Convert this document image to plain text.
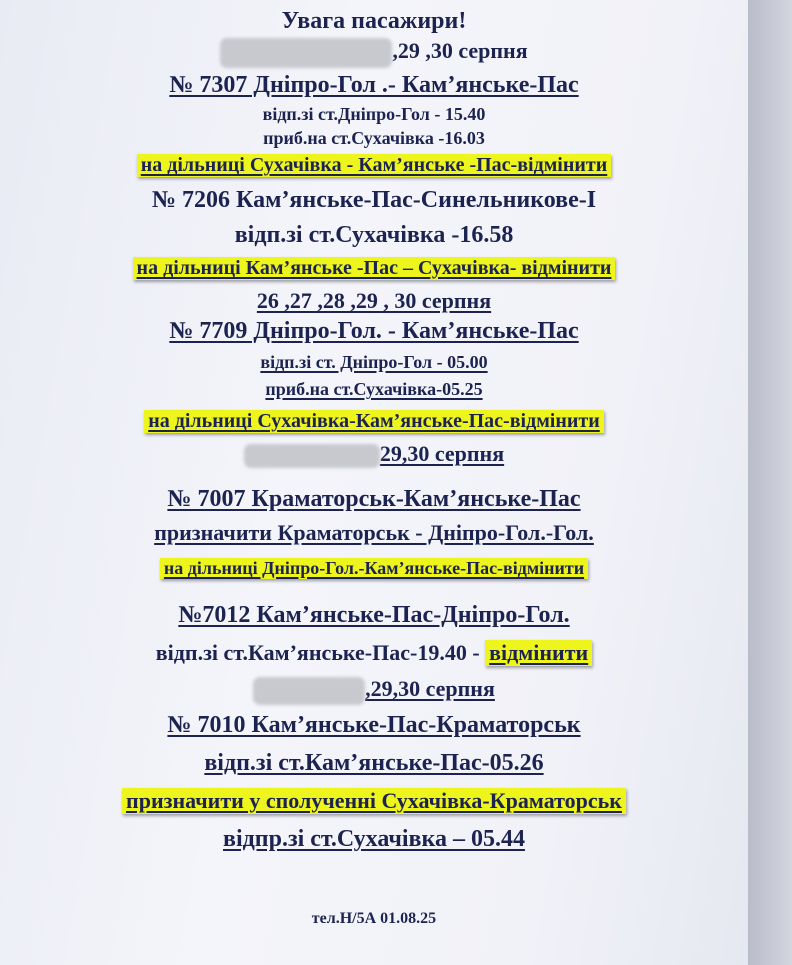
Увага пасажири!
,29 ,30 серпня
№ 7307 Дніпро-Гол .- Кам’янське-Пас
відп.зі ст.Дніпро-Гол - 15.40
приб.на ст.Сухачівка -16.03
на дільниці Сухачівка - Кам’янське -Пас-відмінити
№ 7206 Кам’янське-Пас-Синельникове-І
відп.зі ст.Сухачівка -16.58
на дільниці Кам’янське -Пас – Сухачівка- відмінити
26 ,27 ,28 ,29 , 30 серпня
№ 7709 Дніпро-Гол. - Кам’янське-Пас
відп.зі ст. Дніпро-Гол - 05.00
приб.на ст.Сухачівка-05.25
на дільниці Сухачівка-Кам’янське-Пас-відмінити
29,30 серпня
№ 7007 Краматорськ-Кам’янське-Пас
призначити Краматорськ - Дніпро-Гол.-Гол.
на дільниці Дніпро-Гол.-Кам’янське-Пас-відмінити
№7012 Кам’янське-Пас-Дніпро-Гол.
відп.зі ст.Кам’янське-Пас-19.40 - відмінити
,29,30 серпня
№ 7010 Кам’янське-Пас-Краматорськ
відп.зі ст.Кам’янське-Пас-05.26
призначити у сполученні Сухачівка-Краматорськ
відпр.зі ст.Сухачівка – 05.44
тел.Н/5А 01.08.25
